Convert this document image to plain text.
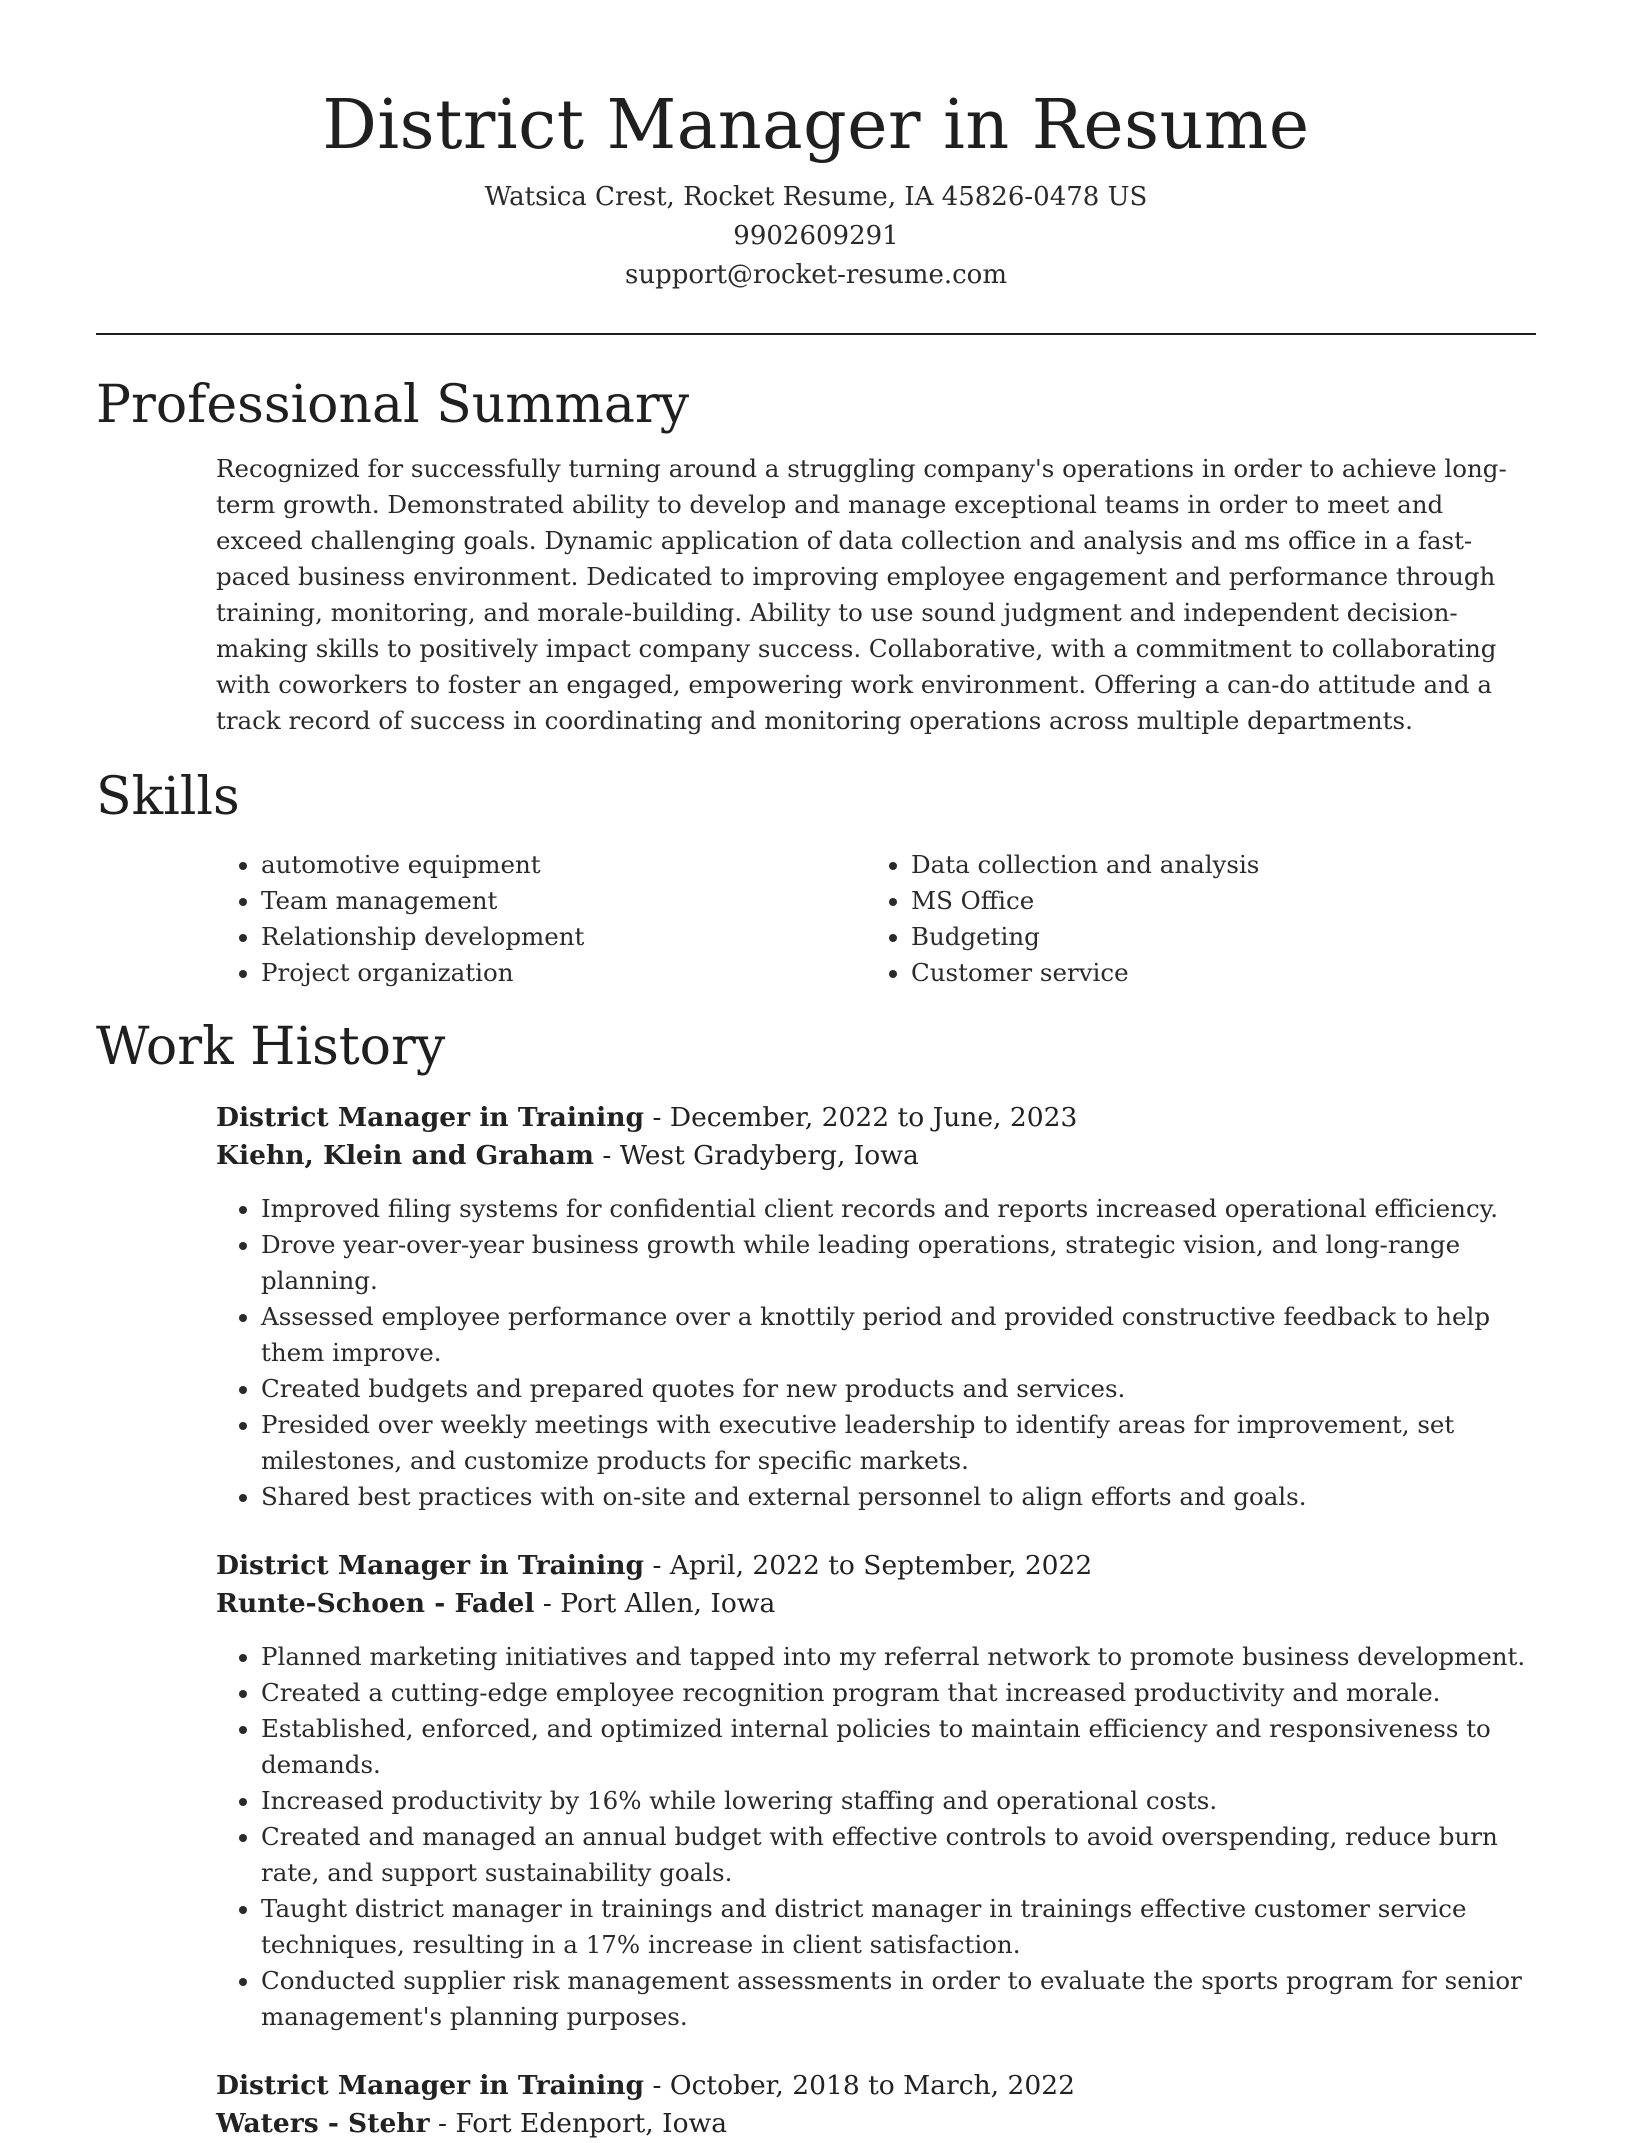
District Manager in Resume
Watsica Crest, Rocket Resume, IA 45826-0478 US
9902609291
support@rocket-resume.com
Professional Summary

Recognized for successfully turning around a struggling company's operations in order to achieve long-term growth. Demonstrated ability to develop and manage exceptional teams in order to meet and exceed challenging goals. Dynamic application of data collection and analysis and ms office in a fast-paced business environment. Dedicated to improving employee engagement and performance through training, monitoring, and morale-building. Ability to use sound judgment and independent decision-making skills to positively impact company success. Collaborative, with a commitment to collaborating with coworkers to foster an engaged, empowering work environment. Offering a can-do attitude and a track record of success in coordinating and monitoring operations across multiple departments.

Skills
• automotive equipment
• Team management
• Relationship development
• Project organization
• Data collection and analysis
• MS Office
• Budgeting
• Customer service
Work History
District Manager in Training - December, 2022 to June, 2023
Kiehn, Klein and Graham - West Gradyberg, Iowa
• Improved filing systems for confidential client records and reports increased operational efficiency.
• Drove year-over-year business growth while leading operations, strategic vision, and long-range planning.
• Assessed employee performance over a knottily period and provided constructive feedback to help them improve.
• Created budgets and prepared quotes for new products and services.
• Presided over weekly meetings with executive leadership to identify areas for improvement, set milestones, and customize products for specific markets.
• Shared best practices with on-site and external personnel to align efforts and goals.
District Manager in Training - April, 2022 to September, 2022
Runte-Schoen - Fadel - Port Allen, Iowa
• Planned marketing initiatives and tapped into my referral network to promote business development.
• Created a cutting-edge employee recognition program that increased productivity and morale.
• Established, enforced, and optimized internal policies to maintain efficiency and responsiveness to demands.
• Increased productivity by 16% while lowering staffing and operational costs.
• Created and managed an annual budget with effective controls to avoid overspending, reduce burn rate, and support sustainability goals.
• Taught district manager in trainings and district manager in trainings effective customer service techniques, resulting in a 17% increase in client satisfaction.
• Conducted supplier risk management assessments in order to evaluate the sports program for senior management's planning purposes.
District Manager in Training - October, 2018 to March, 2022
Waters - Stehr - Fort Edenport, Iowa
